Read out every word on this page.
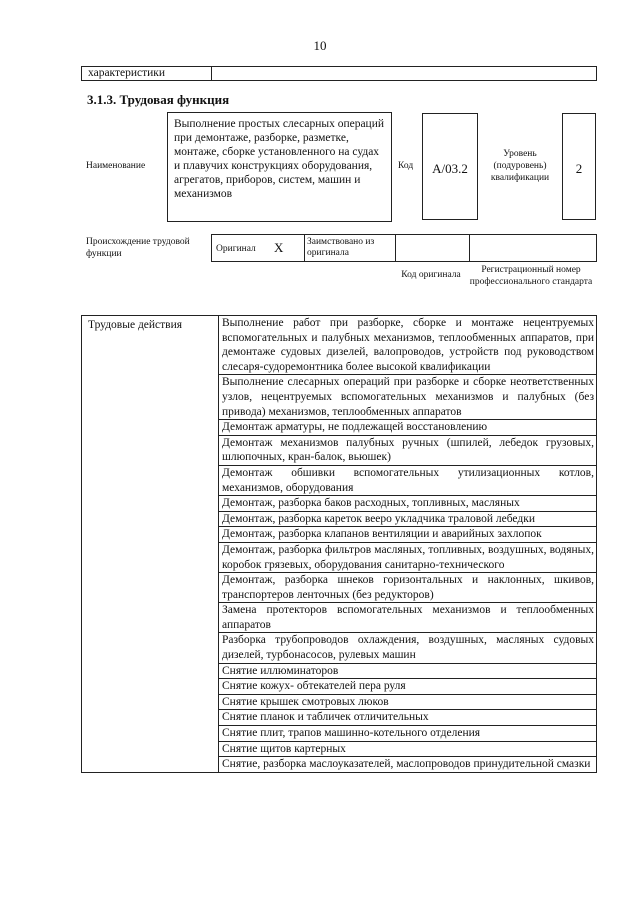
10
характеристики
3.1.3. Трудовая функция
Наименование
Выполнение простых слесарных операций при демонтаже, разборке, разметке, монтаже, сборке установленного на судах и плавучих конструкциях оборудования, агрегатов, приборов, систем, машин и механизмов
Код	А/03.2
Уровень (подуровень) квалификации
2
Происхождение трудовой функции	Оригинал X Заимствовано из оригинала
Код оригинала	Регистрационный номер профессионального стандарта
Трудовые действия	Выполнение работ при разборке, сборке и монтаже нецентруемых вспомогательных и палубных механизмов, теплообменных аппаратов, при демонтаже судовых дизелей, валопроводов, устройств под руководством слесаря-судоремонтника более высокой квалификации
Выполнение слесарных операций при разборке и сборке неответственных узлов, нецентруемых вспомогательных механизмов и палубных (без привода) механизмов, теплообменных аппаратов
Демонтаж арматуры, не подлежащей восстановлению
Демонтаж механизмов палубных ручных (шпилей, лебедок грузовых, шлюпочных, кран-балок, вьюшек)
Демонтаж обшивки вспомогательных утилизационных котлов, механизмов, оборудования
Демонтаж, разборка баков расходных, топливных, масляных
Демонтаж, разборка кареток вееро укладчика траловой лебедки
Демонтаж, разборка клапанов вентиляции и аварийных захлопок
Демонтаж, разборка фильтров масляных, топливных, воздушных, водяных, коробок грязевых, оборудования санитарно-технического
Демонтаж, разборка шнеков горизонтальных и наклонных, шкивов, транспортеров ленточных (без редукторов)
Замена протекторов вспомогательных механизмов и теплообменных аппаратов
Разборка трубопроводов охлаждения, воздушных, масляных судовых дизелей, турбонасосов, рулевых машин
Снятие иллюминаторов
Снятие кожух- обтекателей пера руля
Снятие крышек смотровых люков
Снятие планок и табличек отличительных
Снятие плит, трапов машинно-котельного отделения
Снятие щитов картерных
Снятие, разборка маслоуказателей, маслопроводов принудительной смазки
